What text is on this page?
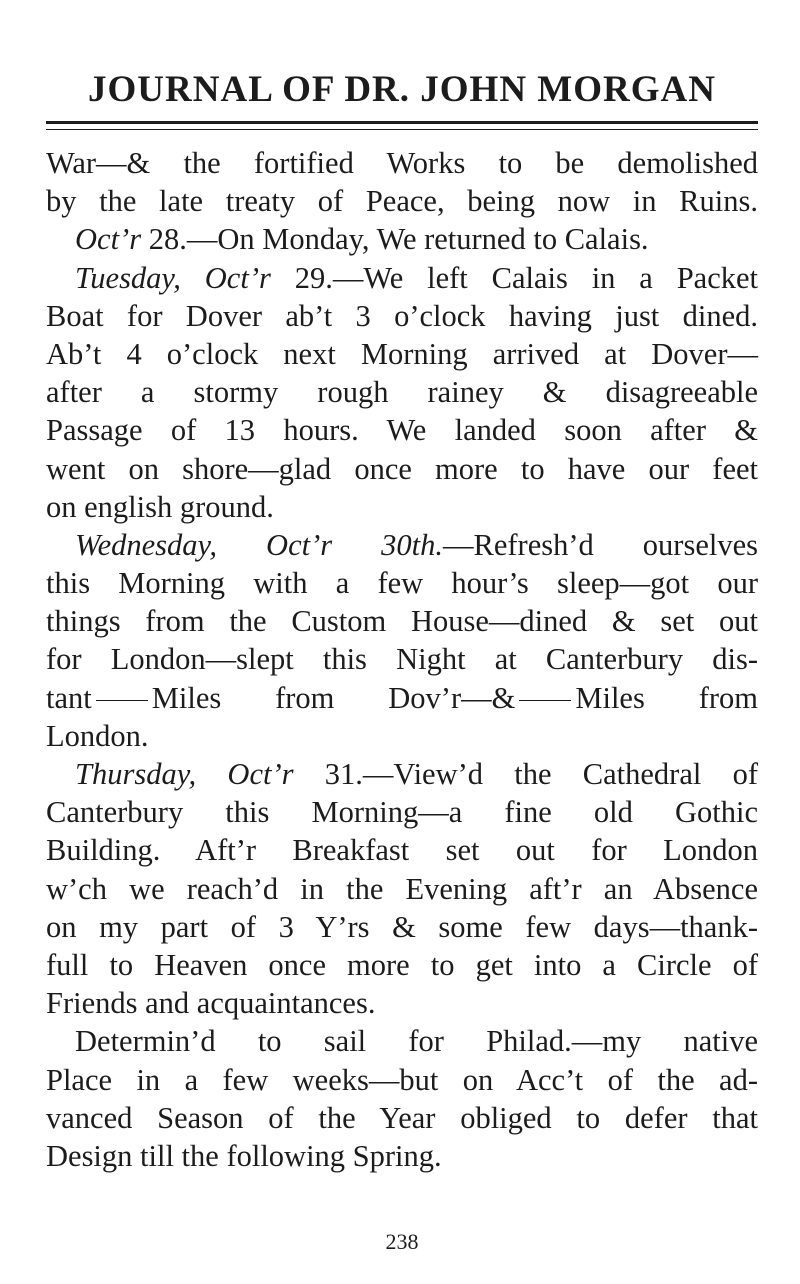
JOURNAL OF DR. JOHN MORGAN
War—& the fortified Works to be demolished
by the late treaty of Peace, being now in Ruins.
Oct’r 28.—On Monday, We returned to Calais.
Tuesday, Oct’r 29.—We left Calais in a Packet
Boat for Dover ab’t 3 o’clock having just dined.
Ab’t 4 o’clock next Morning arrived at Dover—
after a stormy rough rainey & disagreeable
Passage of 13 hours. We landed soon after &
went on shore—glad once more to have our feet
on english ground.
Wednesday, Oct’r 30th.—Refresh’d ourselves
this Morning with a few hour’s sleep—got our
things from the Custom House—dined & set out
for London—slept this Night at Canterbury dis-
tant Miles from Dov’r—& Miles from
London.
Thursday, Oct’r 31.—View’d the Cathedral of
Canterbury this Morning—a fine old Gothic
Building. Aft’r Breakfast set out for London
w’ch we reach’d in the Evening aft’r an Absence
on my part of 3 Y’rs & some few days—thank-
full to Heaven once more to get into a Circle of
Friends and acquaintances.
Determin’d to sail for Philad.—my native
Place in a few weeks—but on Acc’t of the ad-
vanced Season of the Year obliged to defer that
Design till the following Spring.

238
